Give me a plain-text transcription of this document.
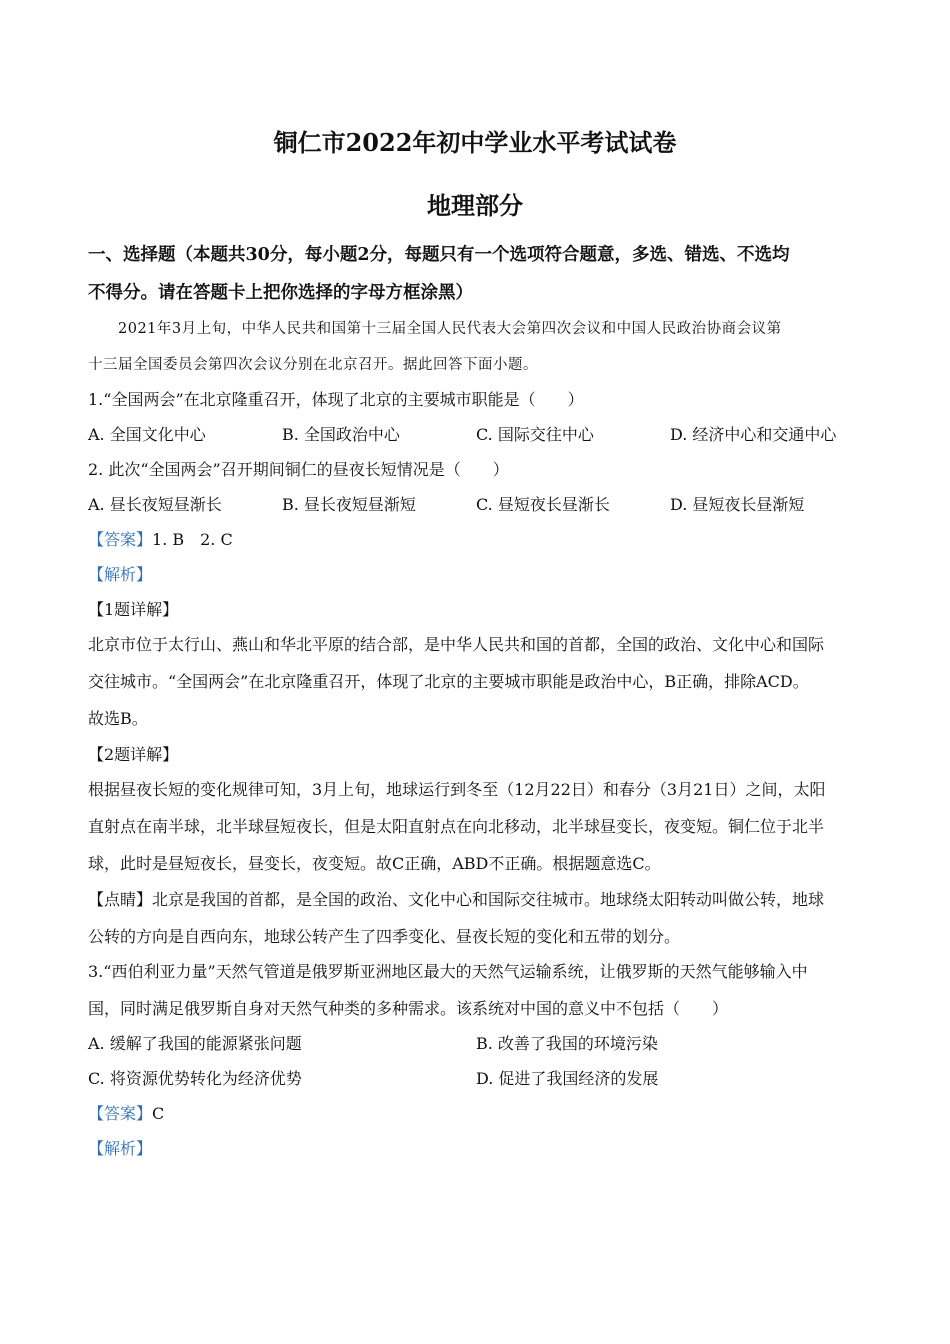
铜仁市2022年初中学业水平考试试卷
地理部分
一、选择题（本题共30分，每小题2分，每题只有一个选项符合题意，多选、错选、不选均
不得分。请在答题卡上把你选择的字母方框涂黑）
2021年3月上旬，中华人民共和国第十三届全国人民代表大会第四次会议和中国人民政治协商会议第
十三届全国委员会第四次会议分别在北京召开。据此回答下面小题。
1.“全国两会”在北京隆重召开，体现了北京的主要城市职能是（　　）
A. 全国文化中心	B. 全国政治中心	C. 国际交往中心	D. 经济中心和交通中心
2. 此次“全国两会”召开期间铜仁的昼夜长短情况是（　　）
A. 昼长夜短昼渐长	B. 昼长夜短昼渐短	C. 昼短夜长昼渐长	D. 昼短夜长昼渐短
【答案】1. B　2. C
【解析】
【1题详解】
北京市位于太行山、燕山和华北平原的结合部，是中华人民共和国的首都，全国的政治、文化中心和国际
交往城市。“全国两会”在北京隆重召开，体现了北京的主要城市职能是政治中心，B正确，排除ACD。
故选B。
【2题详解】
根据昼夜长短的变化规律可知，3月上旬，地球运行到冬至（12月22日）和春分（3月21日）之间，太阳
直射点在南半球，北半球昼短夜长，但是太阳直射点在向北移动，北半球昼变长，夜变短。铜仁位于北半
球，此时是昼短夜长，昼变长，夜变短。故C正确，ABD不正确。根据题意选C。
【点睛】北京是我国的首都，是全国的政治、文化中心和国际交往城市。地球绕太阳转动叫做公转，地球
公转的方向是自西向东，地球公转产生了四季变化、昼夜长短的变化和五带的划分。
3.“西伯利亚力量”天然气管道是俄罗斯亚洲地区最大的天然气运输系统，让俄罗斯的天然气能够输入中
国，同时满足俄罗斯自身对天然气种类的多种需求。该系统对中国的意义中不包括（　　）
A. 缓解了我国的能源紧张问题	B. 改善了我国的环境污染
C. 将资源优势转化为经济优势	D. 促进了我国经济的发展
【答案】C
【解析】
